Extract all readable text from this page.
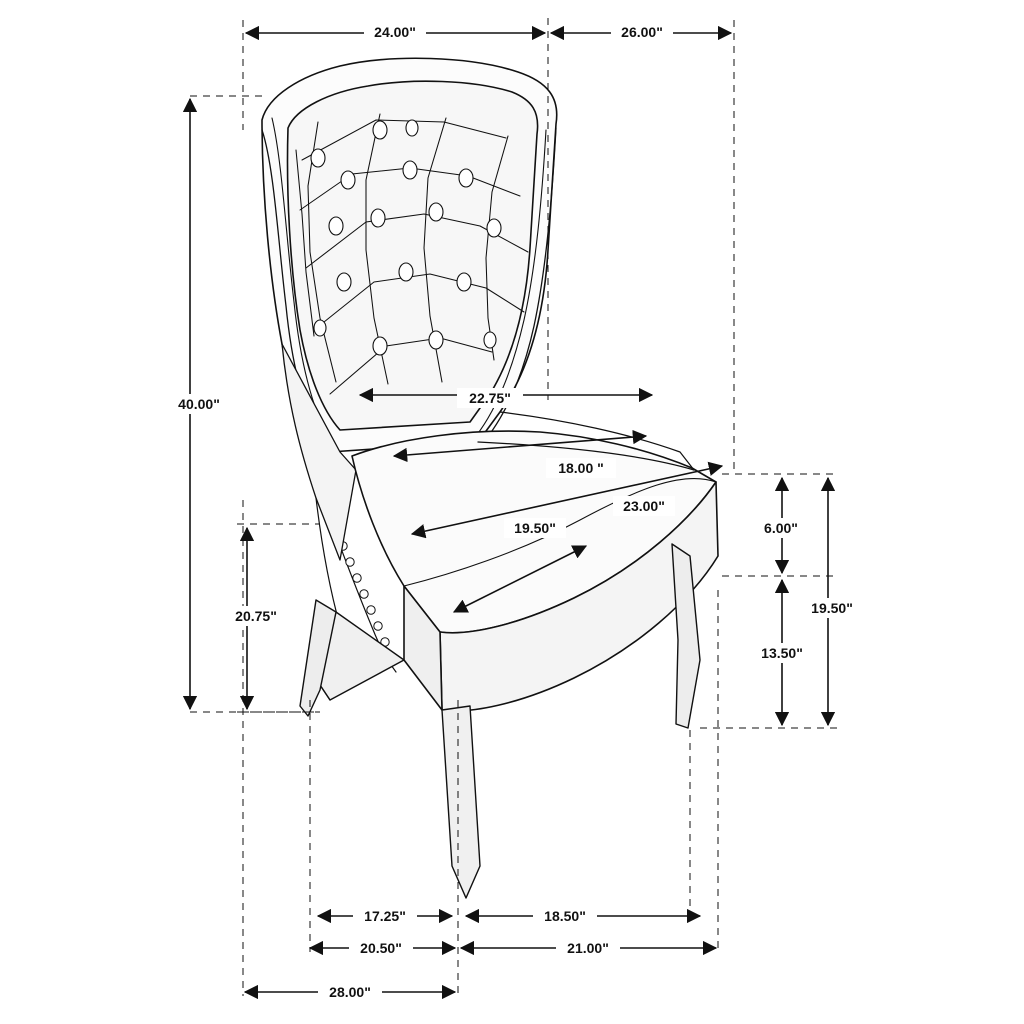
24.00"	26.00"
40.00"	22.75"
18.00 "
23.00"
19.50"
20.75"
6.00"
19.50"
13.50"
17.25"	18.50"
20.50"	21.00"
28.00"
